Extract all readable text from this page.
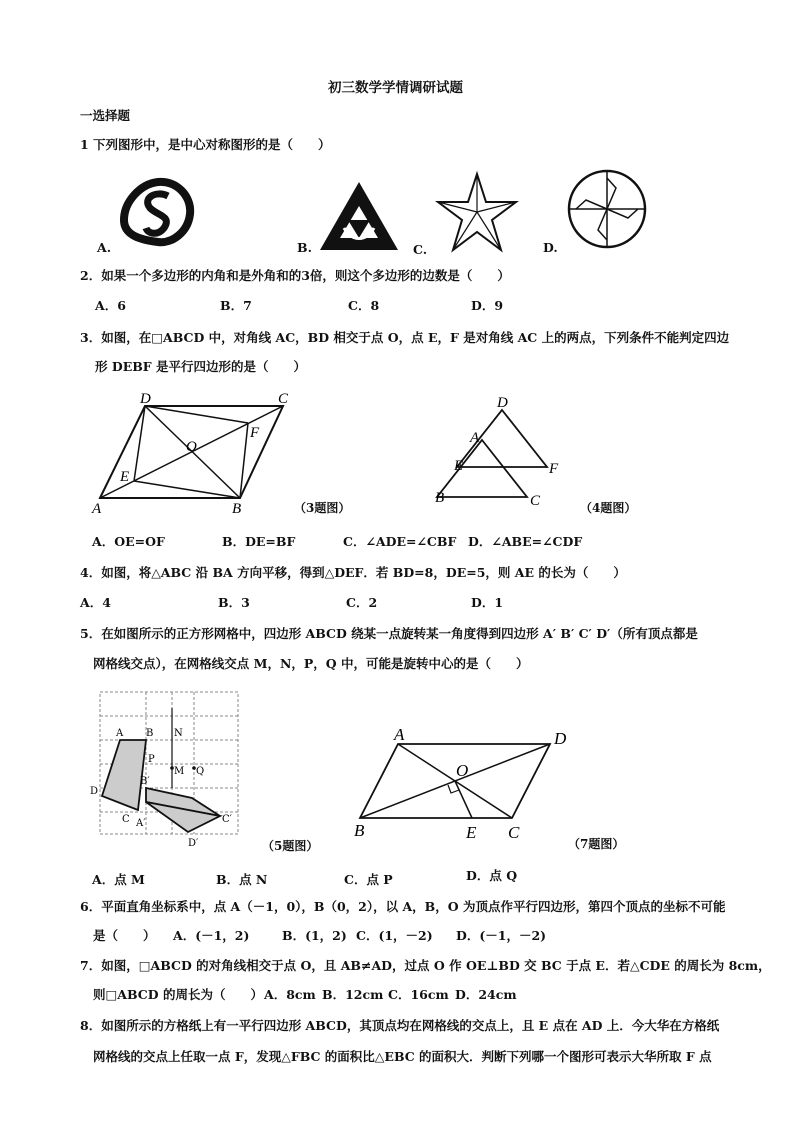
初三数学学情调研试题
一选择题
1 下列图形中，是中心对称图形的是（　　）
A.	B.	C.	D.
2．如果一个多边形的内角和是外角和的3倍，则这个多边形的边数是（　　）
A．6	B．7	C．8	D．9
3．如图，在□ABCD 中，对角线 AC，BD 相交于点 O，点 E，F 是对角线 AC 上的两点，下列条件不能判定四边
形 DEBF 是平行四边形的是（　　）
D	C
F
O
E
A	B	（3题图）
D
A
E	F
B	C	（4题图）
A．OE=OF	B．DE=BF	C．∠ADE=∠CBF D．∠ABE=∠CDF
4．如图，将△ABC 沿 BA 方向平移，得到△DEF．若 BD=8，DE=5，则 AE 的长为（　　）
A．4	B．3	C．2	D．1
5．在如图所示的正方形网格中，四边形 ABCD 绕某一点旋转某一角度得到四边形 A′ B′ C′ D′（所有顶点都是
网格线交点），在网格线交点 M，N，P，Q 中，可能是旋转中心的是（　　）
A B N
P
M Q
B′
D
C A′	C′
D′	（5题图）
A	D
O
B	E C
（7题图）
A．点 M	B．点 N	C．点 P	D．点 Q
6．平面直角坐标系中，点 A（－1，0），B（0，2），以 A，B，O 为顶点作平行四边形，第四个顶点的坐标不可能
是（　　） A．(－1，2)	B．(1，2) C．(1，－2) D．(－1，－2)
7．如图，□ABCD 的对角线相交于点 O，且 AB≠AD，过点 O 作 OE⊥BD 交 BC 于点 E．若△CDE 的周长为 8cm，
则□ABCD 的周长为（　　） A．8cm B．12cm C．16cm D．24cm
8．如图所示的方格纸上有一平行四边形 ABCD，其顶点均在网格线的交点上，且 E 点在 AD 上．今大华在方格纸
网格线的交点上任取一点 F，发现△FBC 的面积比△EBC 的面积大．判断下列哪一个图形可表示大华所取 F 点
